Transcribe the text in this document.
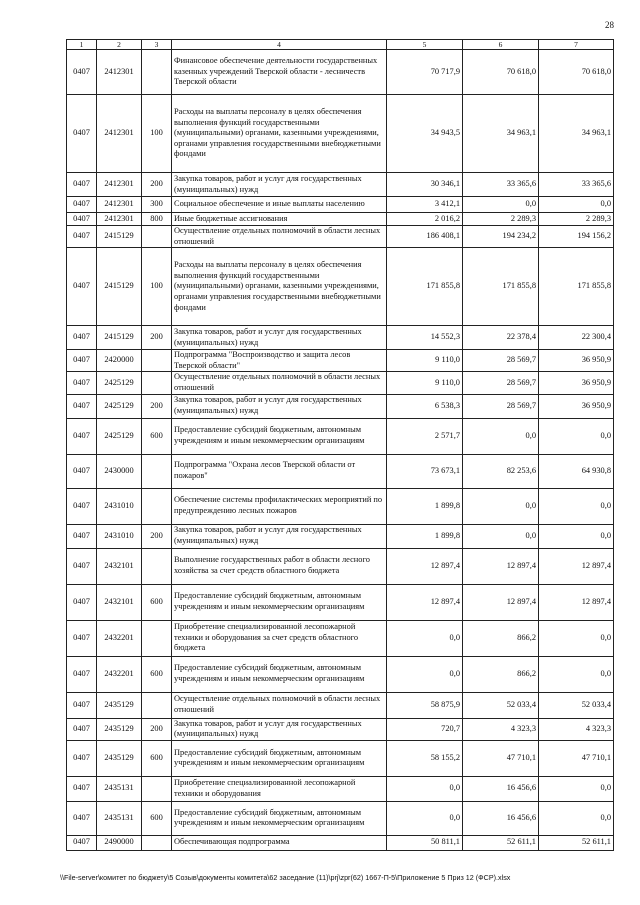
28
1	2	3	4	5	6	7
0407	2412301		Финансовое обеспечение деятельности государственных казенных учреждений Тверской области - лесничеств Тверской области	70 717,9	70 618,0	70 618,0
0407	2412301	100	Расходы на выплаты персоналу в целях обеспечения выполнения функций государственными (муниципальными) органами, казенными учреждениями, органами управления государственными внебюджетными фондами	34 943,5	34 963,1	34 963,1
0407	2412301	200	Закупка товаров, работ и услуг для государственных (муниципальных) нужд	30 346,1	33 365,6	33 365,6
0407	2412301	300	Социальное обеспечение и иные выплаты населению	3 412,1	0,0	0,0
0407	2412301	800	Иные бюджетные ассигнования	2 016,2	2 289,3	2 289,3
0407	2415129		Осуществление отдельных полномочий в области лесных отношений	186 408,1	194 234,2	194 156,2
0407	2415129	100	Расходы на выплаты персоналу в целях обеспечения выполнения функций государственными (муниципальными) органами, казенными учреждениями, органами управления государственными внебюджетными фондами	171 855,8	171 855,8	171 855,8
0407	2415129	200	Закупка товаров, работ и услуг для государственных (муниципальных) нужд	14 552,3	22 378,4	22 300,4
0407	2420000		Подпрограмма "Воспроизводство и защита лесов Тверской области"	9 110,0	28 569,7	36 950,9
0407	2425129		Осуществление отдельных полномочий в области лесных отношений	9 110,0	28 569,7	36 950,9
0407	2425129	200	Закупка товаров, работ и услуг для государственных (муниципальных) нужд	6 538,3	28 569,7	36 950,9
0407	2425129	600	Предоставление субсидий бюджетным, автономным учреждениям и иным некоммерческим организациям	2 571,7	0,0	0,0
0407	2430000		Подпрограмма "Охрана лесов Тверской области от пожаров"	73 673,1	82 253,6	64 930,8
0407	2431010		Обеспечение системы профилактических мероприятий по предупреждению лесных пожаров	1 899,8	0,0	0,0
0407	2431010	200	Закупка товаров, работ и услуг для государственных (муниципальных) нужд	1 899,8	0,0	0,0
0407	2432101		Выполнение государственных работ в области лесного хозяйства за счет средств областного бюджета	12 897,4	12 897,4	12 897,4
0407	2432101	600	Предоставление субсидий бюджетным, автономным учреждениям и иным некоммерческим организациям	12 897,4	12 897,4	12 897,4
0407	2432201		Приобретение специализированной лесопожарной техники и оборудования за счет средств областного бюджета	0,0	866,2	0,0
0407	2432201	600	Предоставление субсидий бюджетным, автономным учреждениям и иным некоммерческим организациям	0,0	866,2	0,0
0407	2435129		Осуществление отдельных полномочий в области лесных отношений	58 875,9	52 033,4	52 033,4
0407	2435129	200	Закупка товаров, работ и услуг для государственных (муниципальных) нужд	720,7	4 323,3	4 323,3
0407	2435129	600	Предоставление субсидий бюджетным, автономным учреждениям и иным некоммерческим организациям	58 155,2	47 710,1	47 710,1
0407	2435131		Приобретение специализированной лесопожарной техники и оборудования	0,0	16 456,6	0,0
0407	2435131	600	Предоставление субсидий бюджетным, автономным учреждениям и иным некоммерческим организациям	0,0	16 456,6	0,0
0407	2490000		Обеспечивающая подпрограмма	50 811,1	52 611,1	52 611,1
\\File-server\комитет по бюджету\5 Созыв\документы комитета\62 заседание (11)\prj\zpr(62) 1667-П-5\Приложение 5 Приз 12 (ФСР).xlsx
